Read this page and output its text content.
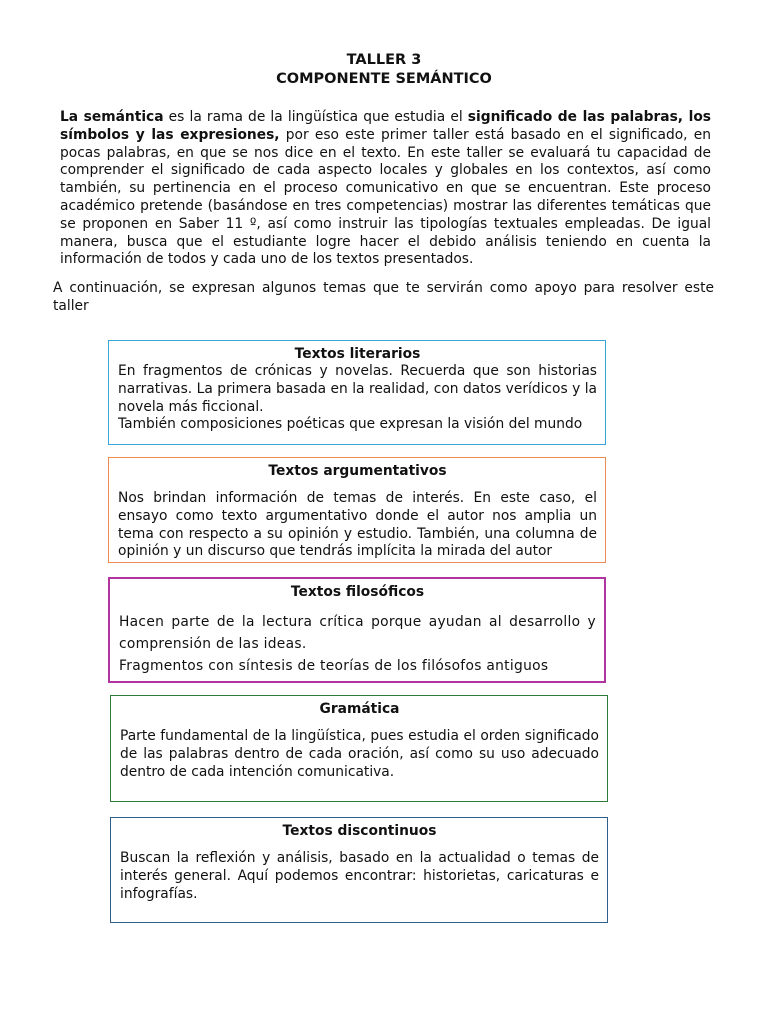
TALLER 3
COMPONENTE SEMÁNTICO
La semántica es la rama de la lingüística que estudia el significado de las palabras, los símbolos y las expresiones, por eso este primer taller está basado en el significado, en pocas palabras, en que se nos dice en el texto. En este taller se evaluará tu capacidad de comprender el significado de cada aspecto locales y globales en los contextos, así como también, su pertinencia en el proceso comunicativo en que se encuentran. Este proceso académico pretende (basándose en tres competencias) mostrar las diferentes temáticas que se proponen en Saber 11 º, así como instruir las tipologías textuales empleadas. De igual manera, busca que el estudiante logre hacer el debido análisis teniendo en cuenta la información de todos y cada uno de los textos presentados.
A continuación, se expresan algunos temas que te servirán como apoyo para resolver este taller
Textos literarios

En fragmentos de crónicas y novelas. Recuerda que son historias narrativas. La primera basada en la realidad, con datos verídicos y la novela más ficcional.

También composiciones poéticas que expresan la visión del mundo

Textos argumentativos

Nos brindan información de temas de interés. En este caso, el ensayo como texto argumentativo donde el autor nos amplia un tema con respecto a su opinión y estudio. También, una columna de opinión y un discurso que tendrás implícita la mirada del autor

Textos filosóficos

Hacen parte de la lectura crítica porque ayudan al desarrollo y comprensión de las ideas.

Fragmentos con síntesis de teorías de los filósofos antiguos

Gramática

Parte fundamental de la lingüística, pues estudia el orden significado de las palabras dentro de cada oración, así como su uso adecuado dentro de cada intención comunicativa.

Textos discontinuos

Buscan la reflexión y análisis, basado en la actualidad o temas de interés general. Aquí podemos encontrar: historietas, caricaturas e infografías.
